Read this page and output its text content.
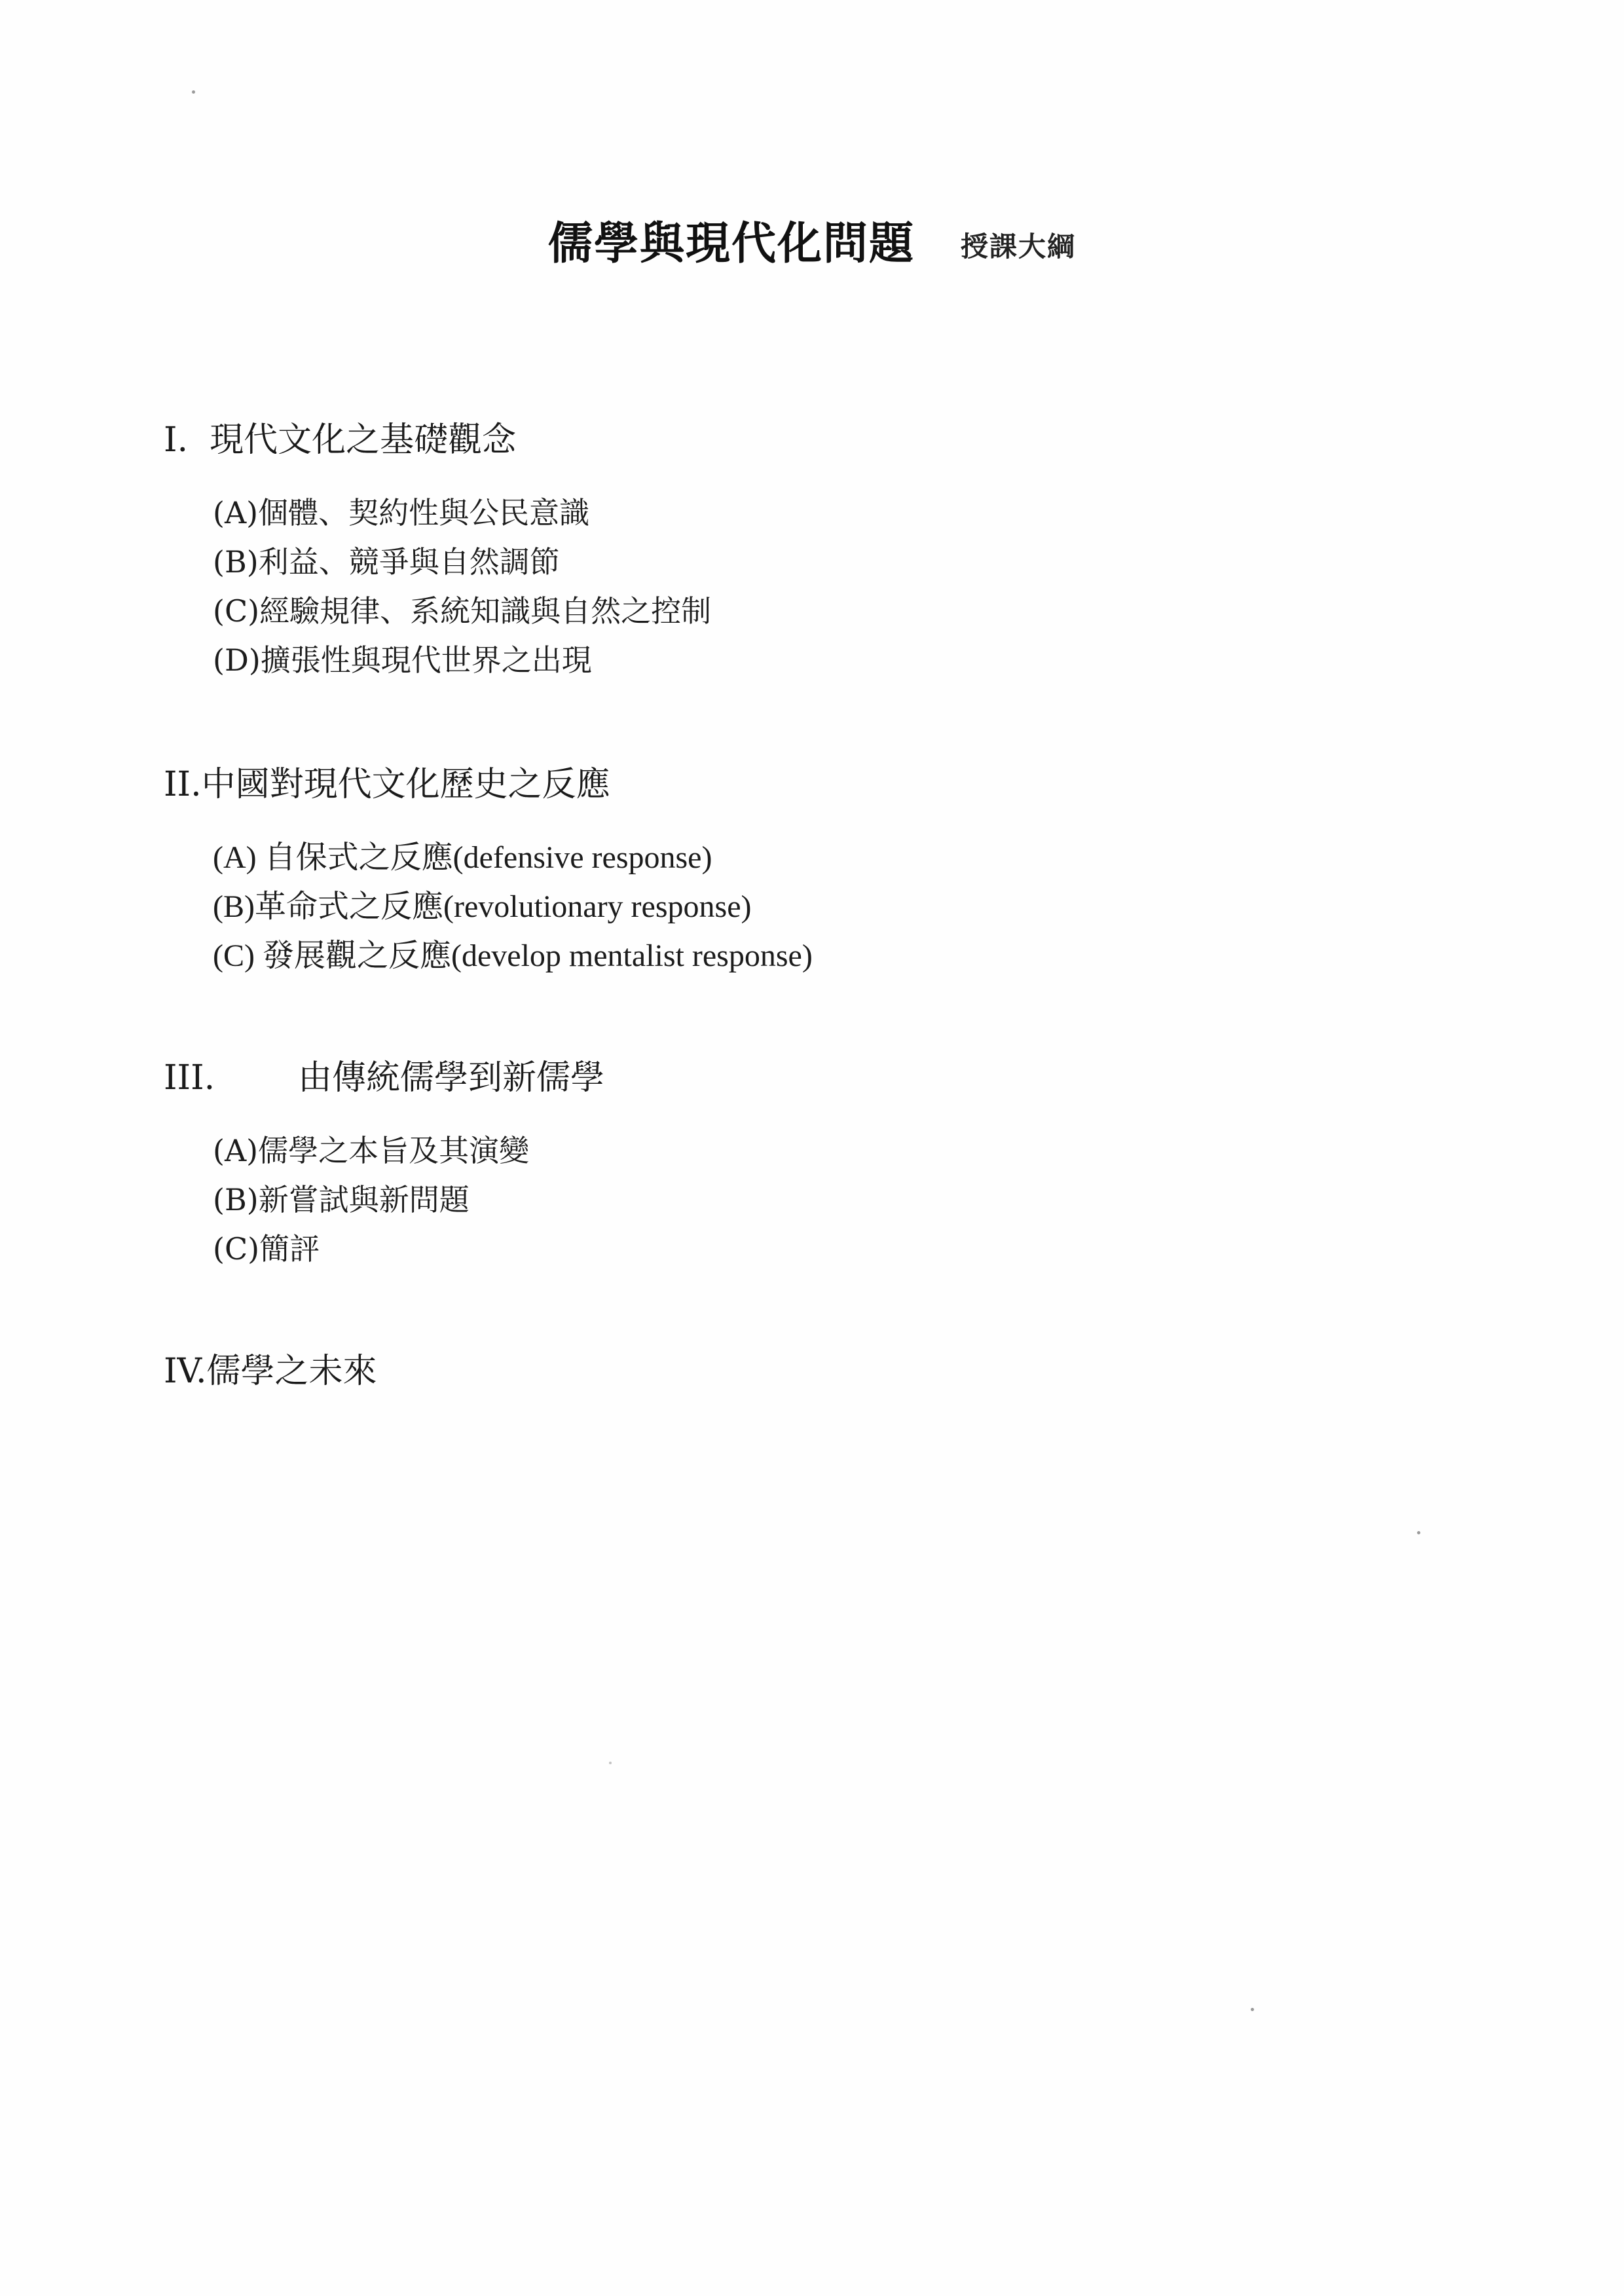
儒學與現代化問題 授課大綱
I. 現代文化之基礎觀念
(A)個體、契約性與公民意識
(B)利益、競爭與自然調節
(C)經驗規律、系統知識與自然之控制
(D)擴張性與現代世界之出現
II.中國對現代文化歷史之反應
(A) 自保式之反應(defensive response)
(B)革命式之反應(revolutionary response)
(C) 發展觀之反應(develop mentalist response)
III. 由傳統儒學到新儒學
(A)儒學之本旨及其演變
(B)新嘗試與新問題
(C)簡評
IV.儒學之未來
